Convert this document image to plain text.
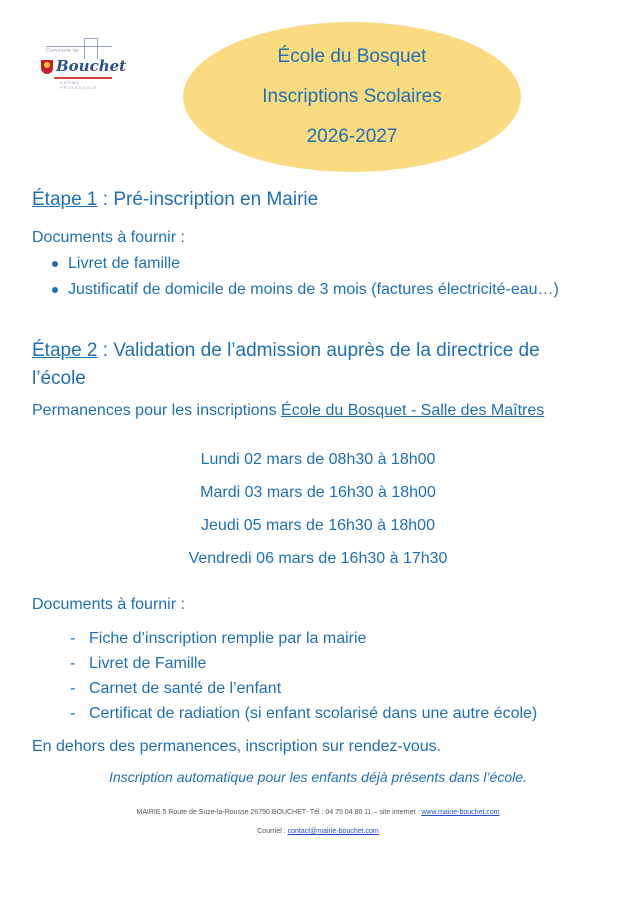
Commune de
Bouchet
DRÔME PROVENÇALE
École du Bosquet
Inscriptions Scolaires
2026-2027
Étape 1 : Pré-inscription en Mairie
Documents à fournir :
Livret de famille
Justificatif de domicile de moins de 3 mois (factures électricité-eau…)
Étape 2 : Validation de l’admission auprès de la directrice de l’école
Permanences pour les inscriptions École du Bosquet - Salle des Maîtres
Lundi 02 mars de 08h30 à 18h00
Mardi 03 mars de 16h30 à 18h00
Jeudi 05 mars de 16h30 à 18h00
Vendredi 06 mars de 16h30 à 17h30
Documents à fournir :
- Fiche d’inscription remplie par la mairie
- Livret de Famille
- Carnet de santé de l’enfant
- Certificat de radiation (si enfant scolarisé dans une autre école)
En dehors des permanences, inscription sur rendez-vous.
Inscription automatique pour les enfants déjà présents dans l’école.
MAIRIE 5 Route de Suze-la-Rousse 26790 BOUCHET- Tél : 04 75 04 80 11 – site internet : www.mairie-bouchet.com
Courriel : contact@mairie-bouchet.com
